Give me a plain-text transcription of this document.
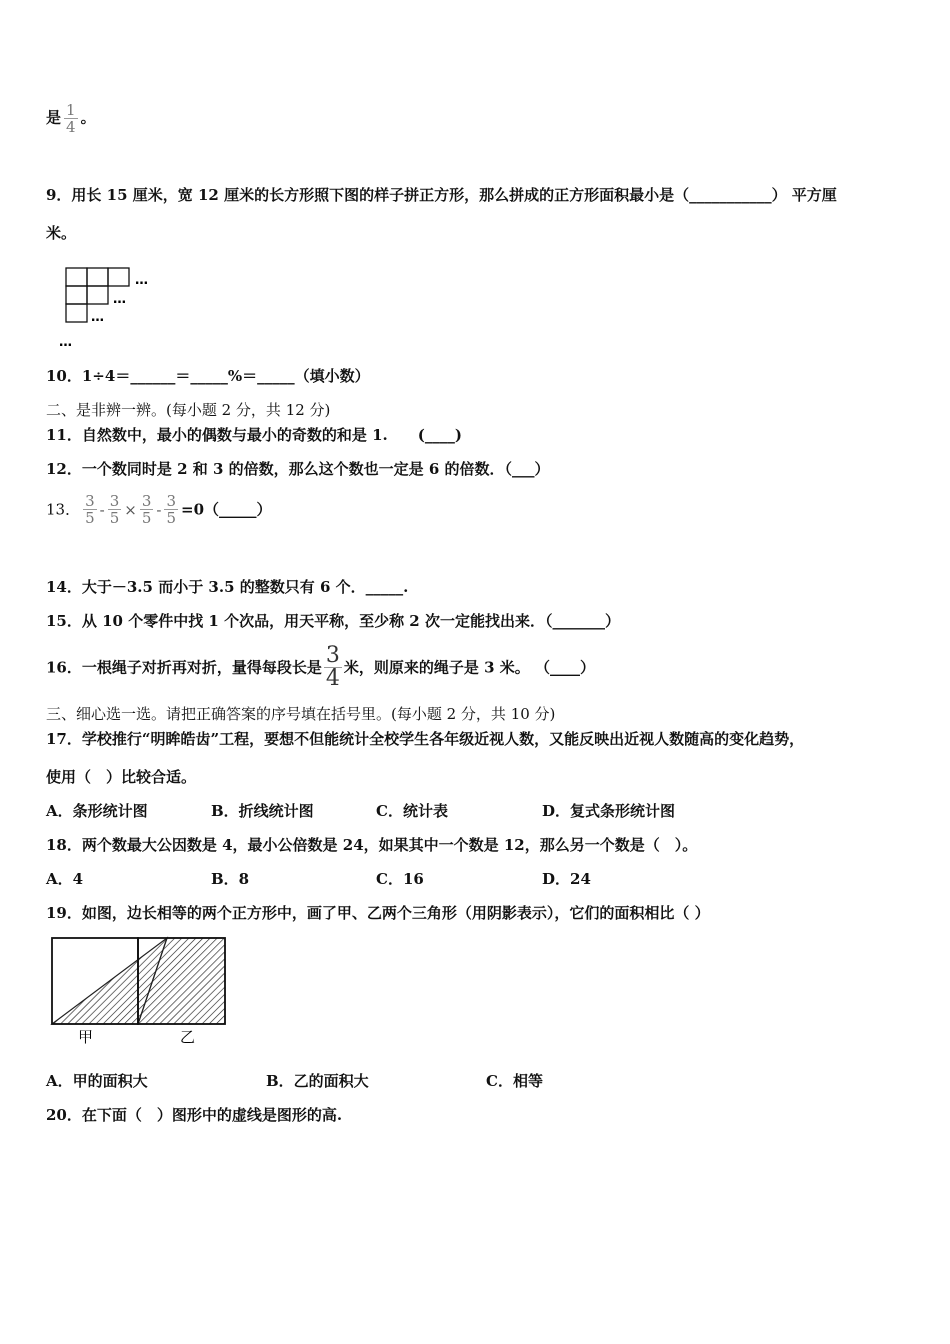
是 $\frac{1}{4}$ 。
9．用长 15 厘米，宽 12 厘米的长方形照下图的样子拼正方形，那么拼成的正方形面积最小是（___________） 平方厘
米。
…
…
…
…
10．1÷4＝______＝_____%＝_____（填小数）
二、是非辨一辨。(每小题 2 分，共 12 分)
11．自然数中，最小的偶数与最小的奇数的和是 1.　　(____)
12．一个数同时是 2 和 3 的倍数，那么这个数也一定是 6 的倍数．（___）
13． $\frac{3}{5} - \frac{3}{5} \times \frac{3}{5} - \frac{3}{5}$ =0（_____）
14．大于－3.5 而小于 3.5 的整数只有 6 个．_____.
15．从 10 个零件中找 1 个次品，用天平称，至少称 2 次一定能找出来．（_______）
16．一根绳子对折再对折，量得每段长是 $\frac{3}{4}$ 米，则原来的绳子是 3 米。 （____）
三、细心选一选。请把正确答案的序号填在括号里。(每小题 2 分，共 10 分)
17．学校推行“明眸皓齿”工程，要想不但能统计全校学生各年级近视人数，又能反映出近视人数随高的变化趋势，
使用（　）比较合适。
A．条形统计图	B．折线统计图	C．统计表	D．复式条形统计图
18．两个数最大公因数是 4，最小公倍数是 24，如果其中一个数是 12，那么另一个数是（　）。
A．4	B．8	C．16	D．24
19．如图，边长相等的两个正方形中，画了甲、乙两个三角形（用阴影表示），它们的面积相比（ ）
甲	乙
A．甲的面积大	B．乙的面积大	C．相等
20．在下面（　）图形中的虚线是图形的高.
